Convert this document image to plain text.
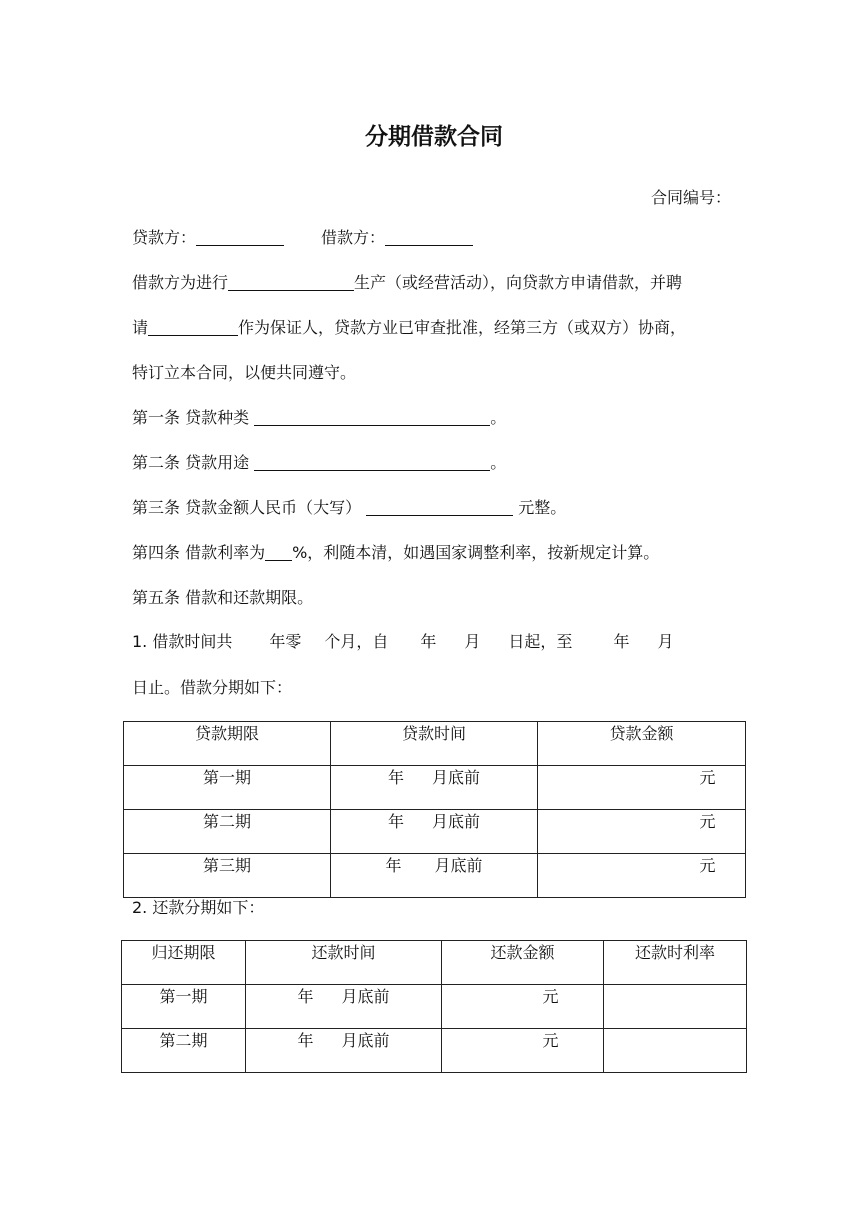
分期借款合同
合同编号：
贷款方：	借款方：
借款方为进行	生产（或经营活动），向贷款方申请借款，并聘
请	作为保证人，贷款方业已审查批准，经第三方（或双方）协商，
特订立本合同，以便共同遵守。
第一条 贷款种类	。
第二条 贷款用途	。
第三条 贷款金额人民币（大写）	元整。
第四条 借款利率为 %，利随本清，如遇国家调整利率，按新规定计算。
第五条 借款和还款期限。
1. 借款时间共 年零 个月，自 年 月 日起，至	年 月
日止。借款分期如下：
贷款期限	贷款时间	贷款金额
第一期	年 月底前	元
第二期	年 月底前	元
第三期	年 月底前	元
2. 还款分期如下：
归还期限	还款时间	还款金额	还款时利率
第一期	年 月底前	元	
第二期	年 月底前	元	
